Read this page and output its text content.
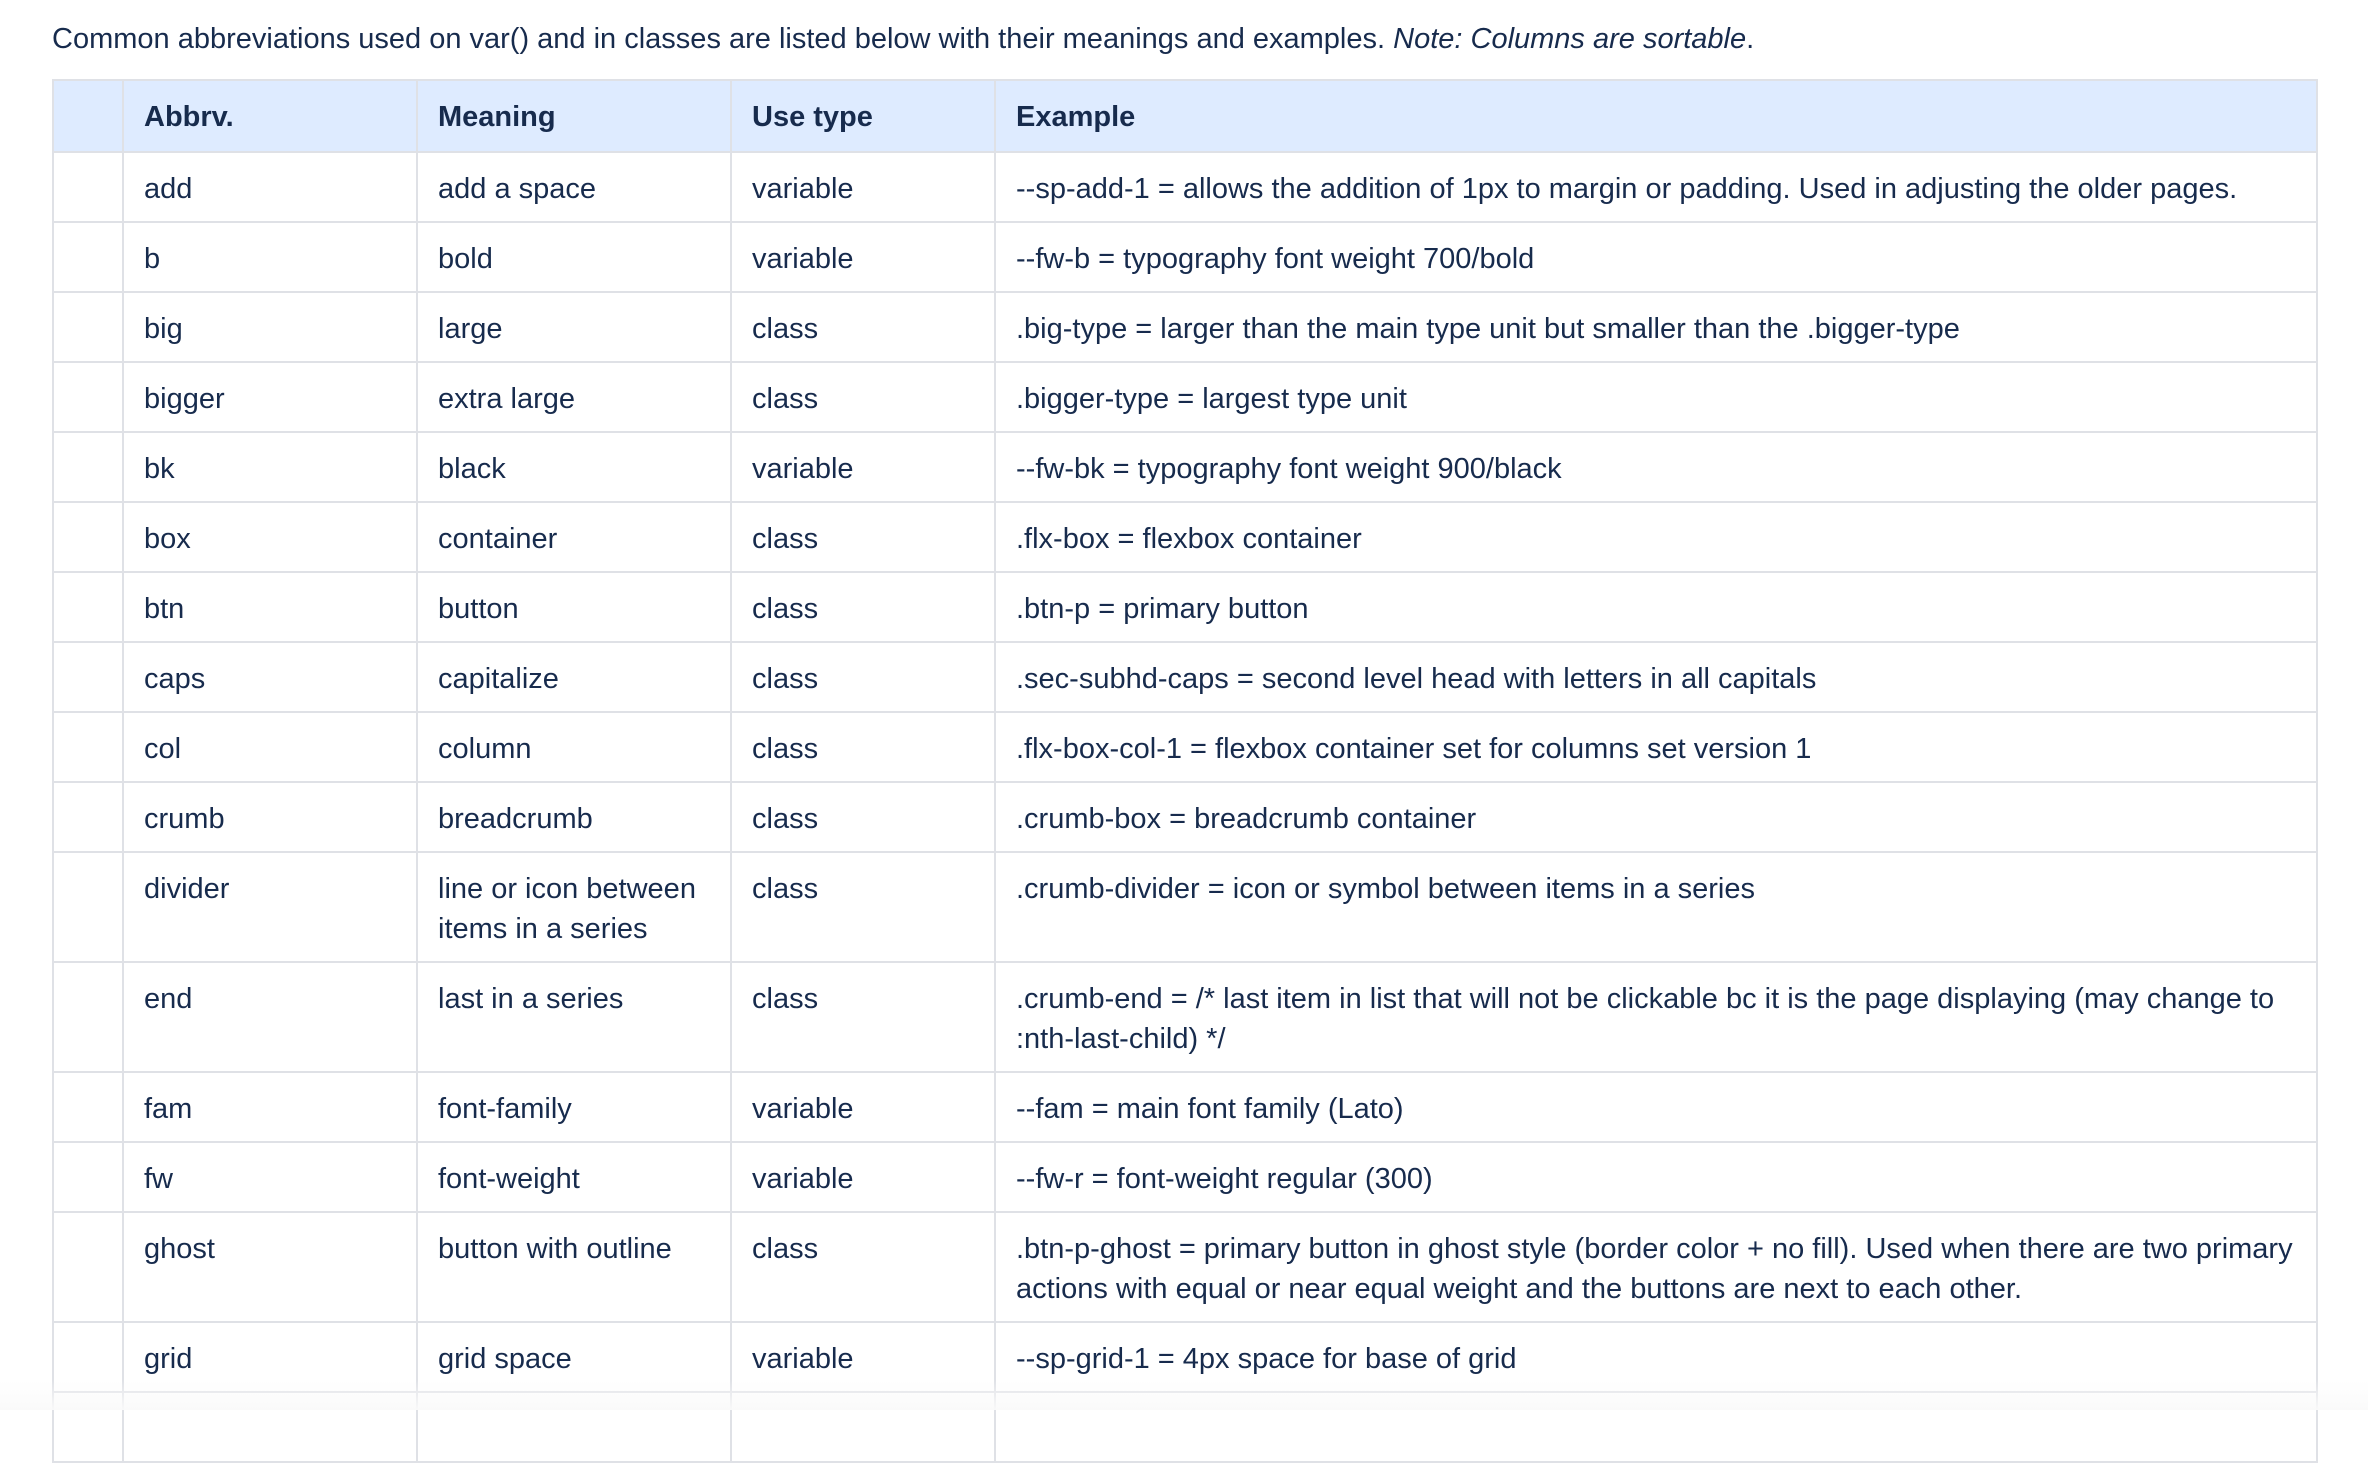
Common abbreviations used on var() and in classes are listed below with their meanings and examples. Note: Columns are sortable.
	Abbrv.	Meaning	Use type	Example
	add	add a space	variable	--sp-add-1 = allows the addition of 1px to margin or padding. Used in adjusting the older pages.
	b	bold	variable	--fw-b = typography font weight 700/bold
	big	large	class	.big-type = larger than the main type unit but smaller than the .bigger-type
	bigger	extra large	class	.bigger-type = largest type unit
	bk	black	variable	--fw-bk = typography font weight 900/black
	box	container	class	.flx-box = flexbox container
	btn	button	class	.btn-p = primary button
	caps	capitalize	class	.sec-subhd-caps = second level head with letters in all capitals
	col	column	class	.flx-box-col-1 = flexbox container set for columns set version 1
	crumb	breadcrumb	class	.crumb-box = breadcrumb container
	divider	line or icon between items in a series	class	.crumb-divider = icon or symbol between items in a series
	end	last in a series	class	.crumb-end = /* last item in list that will not be clickable bc it is the page displaying (may change to :nth-last-child) */
	fam	font-family	variable	--fam = main font family (Lato)
	fw	font-weight	variable	--fw-r = font-weight regular (300)
	ghost	button with outline	class	.btn-p-ghost = primary button in ghost style (border color + no fill). Used when there are two primary actions with equal or near equal weight and the buttons are next to each other.
	grid	grid space	variable	--sp-grid-1 = 4px space for base of grid
